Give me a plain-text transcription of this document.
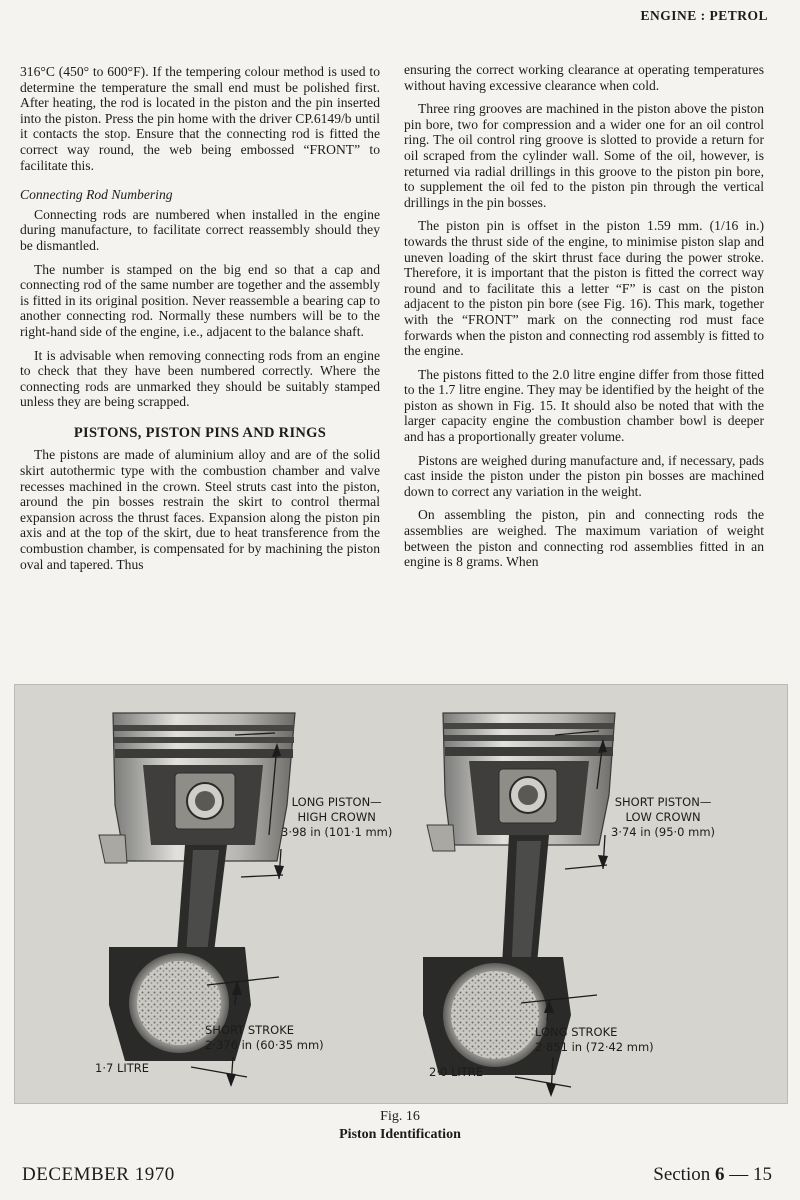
ENGINE : PETROL

316°C (450° to 600°F). If the tempering colour method is used to determine the temperature the small end must be polished first. After heating, the rod is located in the piston and the pin inserted into the piston. Press the pin home with the driver CP.6149/b until it contacts the stop. Ensure that the connecting rod is fitted the correct way round, the web being embossed “FRONT” to facilitate this.

Connecting Rod Numbering

Connecting rods are numbered when installed in the engine during manufacture, to facilitate correct reassembly should they be dismantled.

The number is stamped on the big end so that a cap and connecting rod of the same number are together and the assembly is fitted in its original position. Never reassemble a bearing cap to another connecting rod. Normally these numbers will be to the right-hand side of the engine, i.e., adjacent to the balance shaft.

It is advisable when removing connecting rods from an engine to check that they have been numbered correctly. Where the connecting rods are unmarked they should be suitably stamped unless they are being scrapped.

PISTONS, PISTON PINS AND RINGS

The pistons are made of aluminium alloy and are of the solid skirt autothermic type with the combustion chamber and valve recesses machined in the crown. Steel struts cast into the piston, around the pin bosses restrain the skirt to control thermal expansion across the thrust faces. Expansion along the piston pin axis and at the top of the skirt, due to heat transference from the combustion chamber, is compensated for by machining the piston oval and tapered. Thus

ensuring the correct working clearance at operating temperatures without having excessive clearance when cold.

Three ring grooves are machined in the piston above the piston pin bore, two for compression and a wider one for an oil control ring. The oil control ring groove is slotted to provide a return for oil scraped from the cylinder wall. Some of the oil, however, is returned via radial drillings in this groove to the piston pin bore, to supplement the oil fed to the piston pin through the vertical drillings in the pin bosses.

The piston pin is offset in the piston 1.59 mm. (1/16 in.) towards the thrust side of the engine, to minimise piston slap and uneven loading of the skirt thrust face during the power stroke. Therefore, it is important that the piston is fitted the correct way round and to facilitate this a letter “F” is cast on the piston adjacent to the piston pin bore (see Fig. 16). This mark, together with the “FRONT” mark on the connecting rod must face forwards when the piston and connecting rod assembly is fitted to the engine.

The pistons fitted to the 2.0 litre engine differ from those fitted to the 1.7 litre engine. They may be identified by the height of the piston as shown in Fig. 15. It should also be noted that with the larger capacity engine the combustion chamber bowl is deeper and has a proportionally greater volume.

Pistons are weighed during manufacture and, if necessary, pads cast inside the piston under the piston pin bosses are machined down to correct any variation in the weight.

On assembling the piston, pin and connecting rods the assemblies are weighed. The maximum variation of weight between the piston and connecting rod assemblies fitted in an engine is 8 grams. When

LONG PISTON—
HIGH CROWN
3·98 in (101·1 mm)
SHORT STROKE
2·376 in (60·35 mm)
1·7 LITRE
SHORT PISTON—
LOW CROWN
3·74 in (95·0 mm)
LONG STROKE
2·851 in (72·42 mm)
2·0 LITRE
Fig. 16
Piston Identification
DECEMBER 1970	Section 6 — 15
